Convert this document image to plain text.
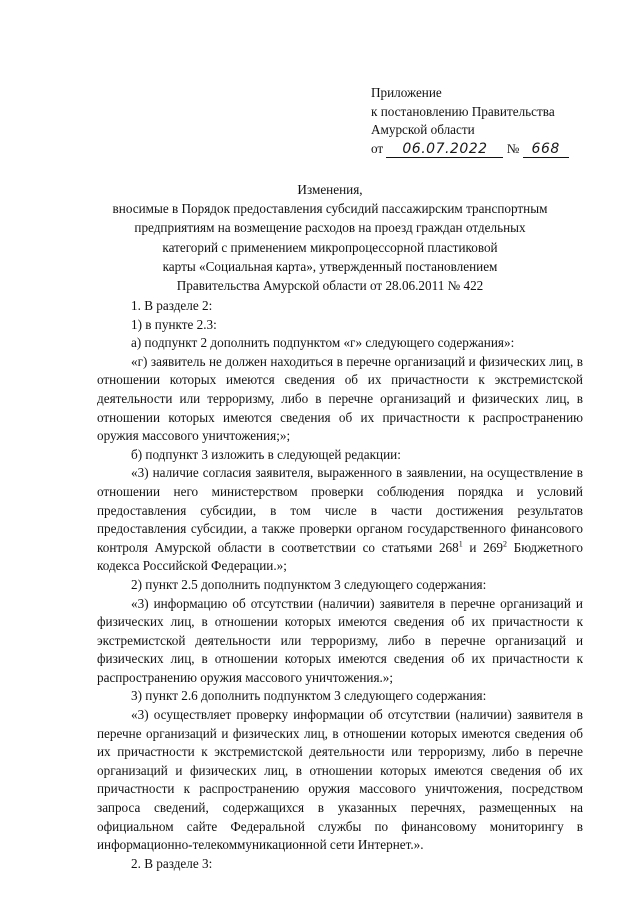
Приложение
к постановлению Правительства
Амурской области
от 06.07.2022 № 668
Изменения,
вносимые в Порядок предоставления субсидий пассажирским транспортным
предприятиям на возмещение расходов на проезд граждан отдельных
категорий с применением микропроцессорной пластиковой
карты «Социальная карта», утвержденный постановлением
Правительства Амурской области от 28.06.2011 № 422
1. В разделе 2:
1) в пункте 2.3:
а) подпункт 2 дополнить подпунктом «г» следующего содержания»:
«г) заявитель не должен находиться в перечне организаций и физических лиц, в отношении которых имеются сведения об их причастности к экстремистской деятельности или терроризму, либо в перечне организаций и физических лиц, в отношении которых имеются сведения об их причастности к распространению оружия массового уничтожения;»;
б) подпункт 3 изложить в следующей редакции:
«3) наличие согласия заявителя, выраженного в заявлении, на осуществление в отношении него министерством проверки соблюдения порядка и условий предоставления субсидии, в том числе в части достижения результатов предоставления субсидии, а также проверки органом государственного финансового контроля Амурской области в соответствии со статьями $268^1$ и $269^2$ Бюджетного кодекса Российской Федерации.»;
2) пункт 2.5 дополнить подпунктом 3 следующего содержания:
«3) информацию об отсутствии (наличии) заявителя в перечне организаций и физических лиц, в отношении которых имеются сведения об их причастности к экстремистской деятельности или терроризму, либо в перечне организаций и физических лиц, в отношении которых имеются сведения об их причастности к распространению оружия массового уничтожения.»;
3) пункт 2.6 дополнить подпунктом 3 следующего содержания:
«3) осуществляет проверку информации об отсутствии (наличии) заявителя в перечне организаций и физических лиц, в отношении которых имеются сведения об их причастности к экстремистской деятельности или терроризму, либо в перечне организаций и физических лиц, в отношении которых имеются сведения об их причастности к распространению оружия массового уничтожения, посредством запроса сведений, содержащихся в указанных перечнях, размещенных на официальном сайте Федеральной службы по финансовому мониторингу в информационно-телекоммуникационной сети Интернет.».
2. В разделе 3:
